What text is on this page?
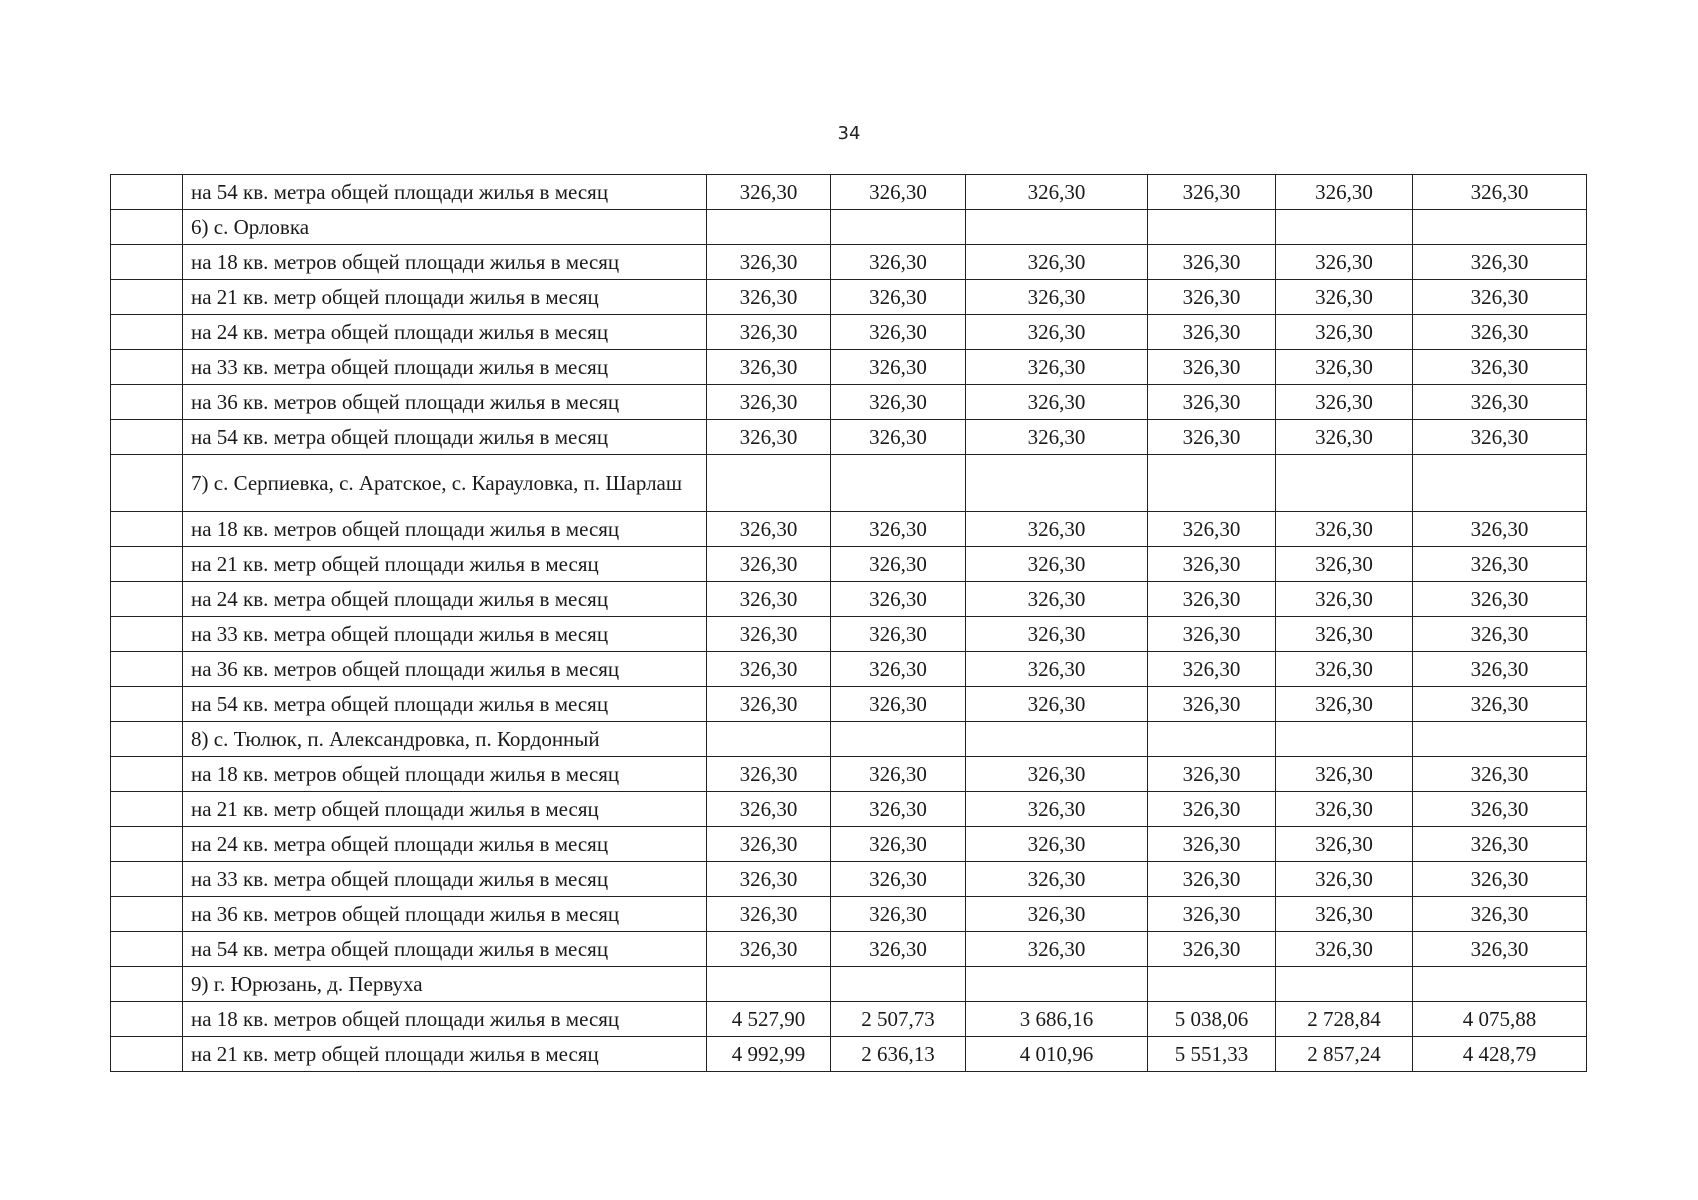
34
	на 54 кв. метра общей площади жилья в месяц	326,30	326,30	326,30	326,30	326,30	326,30
	6) с. Орловка						
	на 18 кв. метров общей площади жилья в месяц	326,30	326,30	326,30	326,30	326,30	326,30
	на 21 кв. метр общей площади жилья в месяц	326,30	326,30	326,30	326,30	326,30	326,30
	на 24 кв. метра общей площади жилья в месяц	326,30	326,30	326,30	326,30	326,30	326,30
	на 33 кв. метра общей площади жилья в месяц	326,30	326,30	326,30	326,30	326,30	326,30
	на 36 кв. метров общей площади жилья в месяц	326,30	326,30	326,30	326,30	326,30	326,30
	на 54 кв. метра общей площади жилья в месяц	326,30	326,30	326,30	326,30	326,30	326,30
	7) с. Серпиевка, с. Аратское, с. Карауловка, п. Шарлаш						
	на 18 кв. метров общей площади жилья в месяц	326,30	326,30	326,30	326,30	326,30	326,30
	на 21 кв. метр общей площади жилья в месяц	326,30	326,30	326,30	326,30	326,30	326,30
	на 24 кв. метра общей площади жилья в месяц	326,30	326,30	326,30	326,30	326,30	326,30
	на 33 кв. метра общей площади жилья в месяц	326,30	326,30	326,30	326,30	326,30	326,30
	на 36 кв. метров общей площади жилья в месяц	326,30	326,30	326,30	326,30	326,30	326,30
	на 54 кв. метра общей площади жилья в месяц	326,30	326,30	326,30	326,30	326,30	326,30
	8) с. Тюлюк, п. Александровка, п. Кордонный						
	на 18 кв. метров общей площади жилья в месяц	326,30	326,30	326,30	326,30	326,30	326,30
	на 21 кв. метр общей площади жилья в месяц	326,30	326,30	326,30	326,30	326,30	326,30
	на 24 кв. метра общей площади жилья в месяц	326,30	326,30	326,30	326,30	326,30	326,30
	на 33 кв. метра общей площади жилья в месяц	326,30	326,30	326,30	326,30	326,30	326,30
	на 36 кв. метров общей площади жилья в месяц	326,30	326,30	326,30	326,30	326,30	326,30
	на 54 кв. метра общей площади жилья в месяц	326,30	326,30	326,30	326,30	326,30	326,30
	9) г. Юрюзань, д. Первуха						
	на 18 кв. метров общей площади жилья в месяц	4 527,90	2 507,73	3 686,16	5 038,06	2 728,84	4 075,88
	на 21 кв. метр общей площади жилья в месяц	4 992,99	2 636,13	4 010,96	5 551,33	2 857,24	4 428,79
